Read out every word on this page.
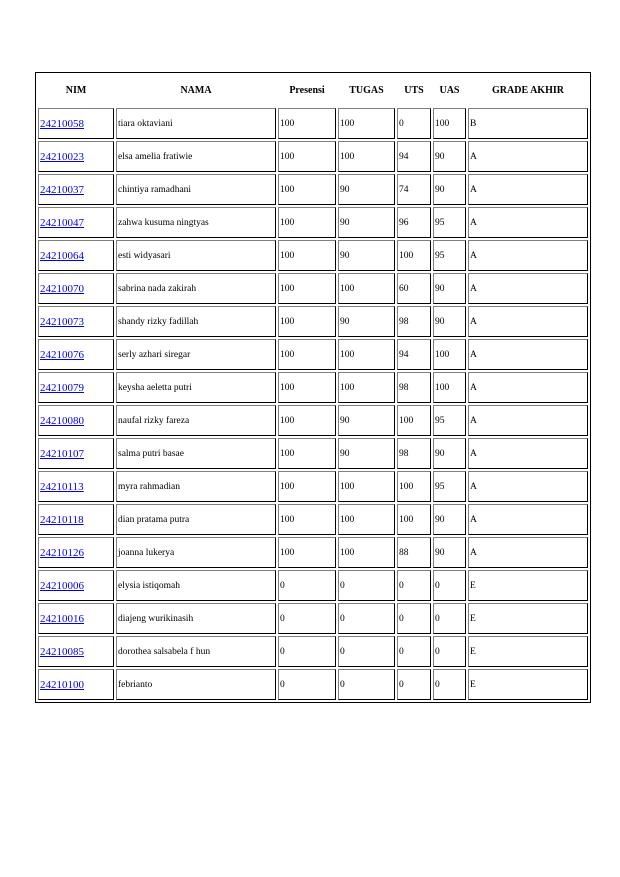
NIM	NAMA	Presensi	TUGAS	UTS	UAS	GRADE AKHIR
24210058	tiara oktaviani	100	100	0	100	B
24210023	elsa amelia fratiwie	100	100	94	90	A
24210037	chintiya ramadhani	100	90	74	90	A
24210047	zahwa kusuma ningtyas	100	90	96	95	A
24210064	esti widyasari	100	90	100	95	A
24210070	sabrina nada zakirah	100	100	60	90	A
24210073	shandy rizky fadillah	100	90	98	90	A
24210076	serly azhari siregar	100	100	94	100	A
24210079	keysha aeletta putri	100	100	98	100	A
24210080	naufal rizky fareza	100	90	100	95	A
24210107	salma putri basae	100	90	98	90	A
24210113	myra rahmadian	100	100	100	95	A
24210118	dian pratama putra	100	100	100	90	A
24210126	joanna lukerya	100	100	88	90	A
24210006	elysia istiqomah	0	0	0	0	E
24210016	diajeng wurikinasih	0	0	0	0	E
24210085	dorothea salsabela f hun	0	0	0	0	E
24210100	febrianto	0	0	0	0	E
